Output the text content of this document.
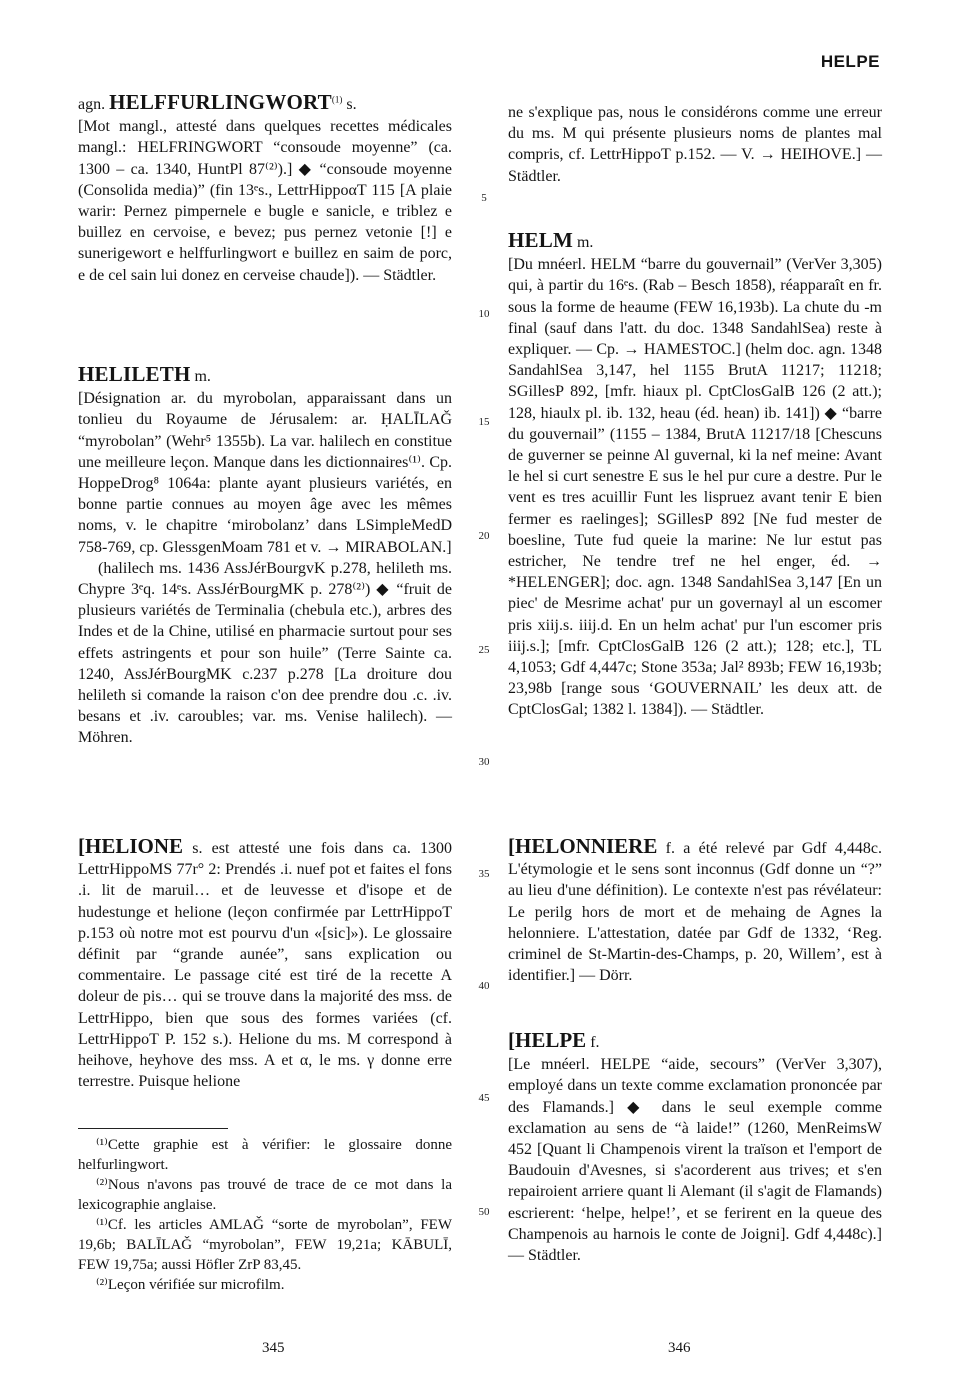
HELPE
agn. HELFFURLINGWORT$^{(1)}$ s.

[Mot mangl., attesté dans quelques recettes médicales mangl.: HELFRINGWORT “consoude moyenne” (ca. 1300 – ca. 1340, HuntPl 87⁽²⁾).] ◆ “consoude moyenne (Consolida media)” (fin 13ᵉs., LettrHippoαT 115 [A plaie warir: Pernez pimpernele e bugle e sanicle, e triblez e buillez en cervoise, e bevez; pus pernez vetonie [!] e sunerigewort e helffurlingwort e buillez en saim de porc, e de cel sain lui donez en cerveise chaude]). — Städtler.

HELILETH m.

[Désignation ar. du myrobolan, apparaissant dans un tonlieu du Royaume de Jérusalem: ar. ḤALĪLAǦ “myrobolan” (Wehr⁵ 1355b). La var. halilech en constitue une meilleure leçon. Manque dans les dictionnaires⁽¹⁾. Cp. HoppeDrog⁸ 1064a: plante ayant plusieurs variétés, en bonne partie connues au moyen âge avec les mêmes noms, v. le chapitre ‘mirobolanz’ dans LSimpleMedD 758-769, cp. GlessgenMoam 781 et v. → MIRABOLAN.]

(halilech ms. 1436 AssJérBourgvK p.278, helileth ms. Chypre 3ᵉq. 14ᵉs. AssJérBourgMK p. 278⁽²⁾) ◆ “fruit de plusieurs variétés de Terminalia (chebula etc.), arbres des Indes et de la Chine, utilisé en pharmacie surtout pour ses effets astringents et pour son huile” (Terre Sainte ca. 1240, AssJérBourgMK c.237 p.278 [La droiture dou helileth si comande la raison c'on dee prendre dou .c. .iv. besans et .iv. caroubles; var. ms. Venise halilech). — Möhren.

[HELIONE s. est attesté une fois dans ca. 1300 LettrHippoMS 77r° 2: Prendés .i. nuef pot et faites el fons .i. lit de maruil… et de leuvesse et d'isope et de hudestunge et helione (leçon confirmée par LettrHippoT p.153 où notre mot est pourvu d'un «[sic]»). Le glossaire définit par “grande aunée”, sans explication ou commentaire. Le passage cité est tiré de la recette A doleur de pis… qui se trouve dans la majorité des mss. de LettrHippo, bien que sous des formes variées (cf. LettrHippoT P. 152 s.). Helione du ms. M correspond à heihove, heyhove des mss. A et α, le ms. γ donne erre terrestre. Puisque helione

⁽¹⁾Cette graphie est à vérifier: le glossaire donne helfurlingwort.

⁽²⁾Nous n'avons pas trouvé de trace de ce mot dans la lexicographie anglaise.

⁽¹⁾Cf. les articles AMLAǦ “sorte de myrobolan”, FEW 19,6b; BALĪLAǦ “myrobolan”, FEW 19,21a; KĀBULĪ, FEW 19,75a; aussi Höfler ZrP 83,45.

⁽²⁾Leçon vérifiée sur microfilm.

ne s'explique pas, nous le considérons comme une erreur du ms. M qui présente plusieurs noms de plantes mal compris, cf. LettrHippoT p.152. — V. → HEIHOVE.] — Städtler.

HELM m.

[Du mnéerl. HELM “barre du gouvernail” (VerVer 3,305) qui, à partir du 16ᵉs. (Rab – Besch 1858), réapparaît en fr. sous la forme de heaume (FEW 16,193b). La chute du -m final (sauf dans l'att. du doc. 1348 SandahlSea) reste à expliquer. — Cp. → HAMESTOC.] (helm doc. agn. 1348 SandahlSea 3,147, hel 1155 BrutA 11217; 11218; SGillesP 892, [mfr. hiaux pl. CptClosGalB 126 (2 att.); 128, hiaulx pl. ib. 132, heau (éd. hean) ib. 141]) ◆ “barre du gouvernail” (1155 – 1384, BrutA 11217/18 [Chescuns de guverner se peinne Al guvernal, ki la nef meine: Avant le hel si curt senestre E sus le hel pur cure a destre. Pur le vent es tres acuillir Funt les lispruez avant tenir E bien fermer es raelinges]; SGillesP 892 [Ne fud mester de boesline, Tute fud queie la marine: Ne lur estut pas estricher, Ne tendre tref ne hel enger, éd. → *HELENGER]; doc. agn. 1348 SandahlSea 3,147 [En un piec' de Mesrime achat' pur un governayl al un escomer pris xiij.s. iiij.d. En un helm achat' pur l'un escomer pris iiij.s.]; [mfr. CptClosGalB 126 (2 att.); 128; etc.], TL 4,1053; Gdf 4,447c; Stone 353a; Jal² 893b; FEW 16,193b; 23,98b [range sous ‘GOUVERNAIL’ les deux att. de CptClosGal; 1382 l. 1384]). — Städtler.

[HELONNIERE f. a été relevé par Gdf 4,448c. L'étymologie et le sens sont inconnus (Gdf donne un “?” au lieu d'une définition). Le contexte n'est pas révélateur: Le perilg hors de mort et de mehaing de Agnes la helonniere. L'attestation, datée par Gdf de 1332, ‘Reg. criminel de St-Martin-des-Champs, p. 20, Willem’, est à identifier.] — Dörr.

[HELPE f.

[Le mnéerl. HELPE “aide, secours” (VerVer 3,307), employé dans un texte comme exclamation prononcée par des Flamands.] ◆ dans le seul exemple comme exclamation au sens de “à laide!” (1260, MenReimsW 452 [Quant li Champenois virent la traïson et l'emport de Baudouin d'Avesnes, si s'acorderent aus trives; et s'en repairoient arriere quant li Alemant (il s'agit de Flamands) escrierent: ‘helpe, helpe!’, et se ferirent en la queue des Champenois au harnois le conte de Joigni]. Gdf 4,448c).] — Städtler.

5
10
15
20
25
30
35
40
45
50
345	346
